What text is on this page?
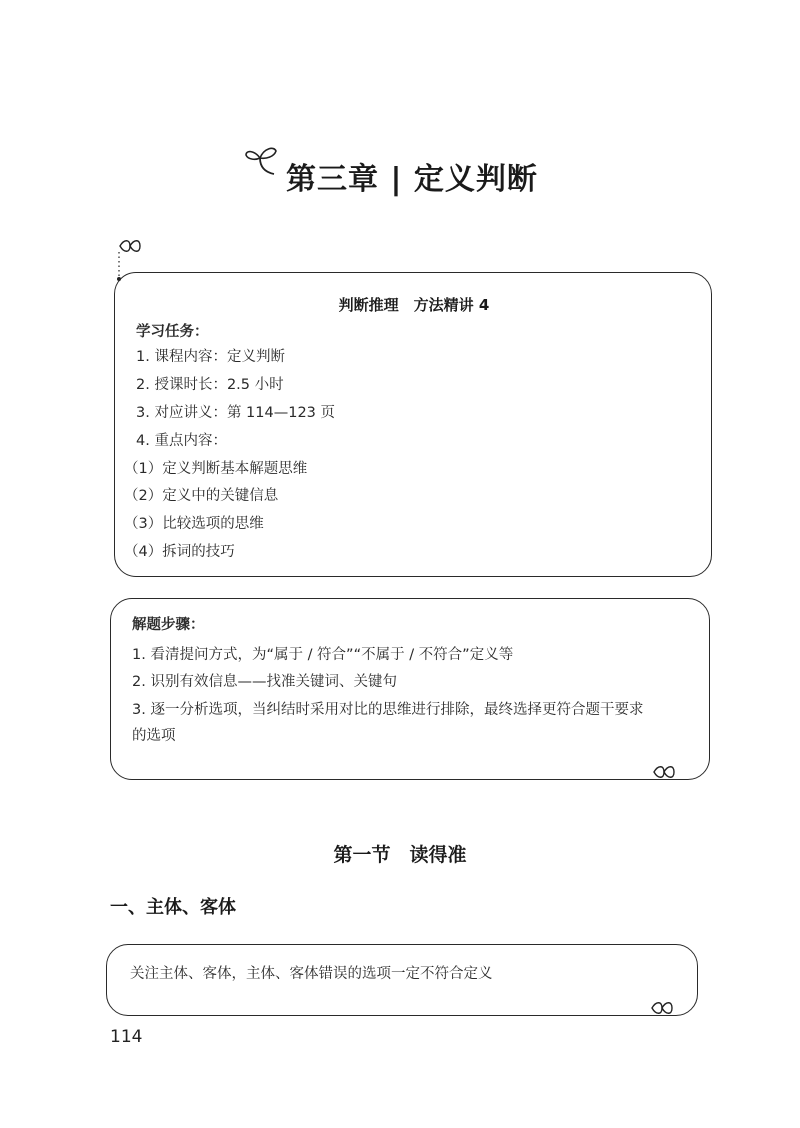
第三章 | 定义判断
判断推理　方法精讲 4
学习任务：
1. 课程内容：定义判断
2. 授课时长：2.5 小时
3. 对应讲义：第 114—123 页
4. 重点内容：
（1）定义判断基本解题思维
（2）定义中的关键信息
（3）比较选项的思维
（4）拆词的技巧
解题步骤：
1. 看清提问方式，为“属于 / 符合”“不属于 / 不符合”定义等
2. 识别有效信息——找准关键词、关键句
3. 逐一分析选项，当纠结时采用对比的思维进行排除，最终选择更符合题干要求
的选项
第一节　读得准
一、主体、客体
关注主体、客体，主体、客体错误的选项一定不符合定义
114
